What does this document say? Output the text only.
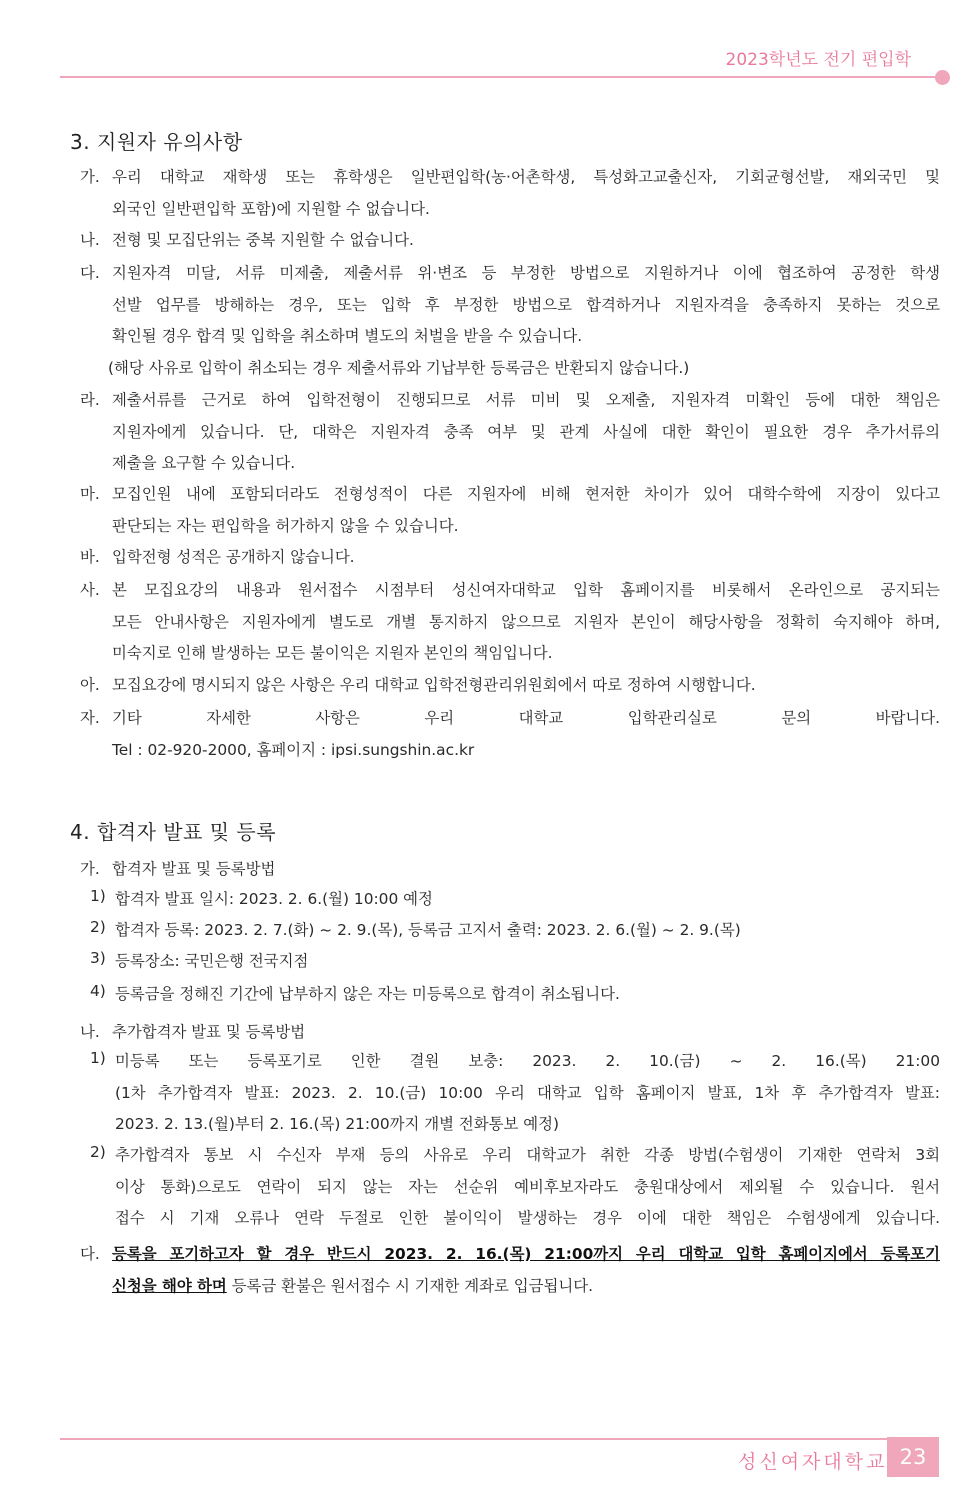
2023학년도 전기 편입학
3. 지원자 유의사항
가. 우리 대학교 재학생 또는 휴학생은 일반편입학(농·어촌학생, 특성화고교출신자, 기회균형선발, 재외국민 및
외국인 일반편입학 포함)에 지원할 수 없습니다.
나. 전형 및 모집단위는 중복 지원할 수 없습니다.
다. 지원자격 미달, 서류 미제출, 제출서류 위·변조 등 부정한 방법으로 지원하거나 이에 협조하여 공정한 학생
선발 업무를 방해하는 경우, 또는 입학 후 부정한 방법으로 합격하거나 지원자격을 충족하지 못하는 것으로
확인될 경우 합격 및 입학을 취소하며 별도의 처벌을 받을 수 있습니다.
(해당 사유로 입학이 취소되는 경우 제출서류와 기납부한 등록금은 반환되지 않습니다.)
라. 제출서류를 근거로 하여 입학전형이 진행되므로 서류 미비 및 오제출, 지원자격 미확인 등에 대한 책임은
지원자에게 있습니다. 단, 대학은 지원자격 충족 여부 및 관계 사실에 대한 확인이 필요한 경우 추가서류의
제출을 요구할 수 있습니다.
마. 모집인원 내에 포함되더라도 전형성적이 다른 지원자에 비해 현저한 차이가 있어 대학수학에 지장이 있다고
판단되는 자는 편입학을 허가하지 않을 수 있습니다.
바. 입학전형 성적은 공개하지 않습니다.
사. 본 모집요강의 내용과 원서접수 시점부터 성신여자대학교 입학 홈페이지를 비롯해서 온라인으로 공지되는
모든 안내사항은 지원자에게 별도로 개별 통지하지 않으므로 지원자 본인이 해당사항을 정확히 숙지해야 하며,
미숙지로 인해 발생하는 모든 불이익은 지원자 본인의 책임입니다.
아. 모집요강에 명시되지 않은 사항은 우리 대학교 입학전형관리위원회에서 따로 정하여 시행합니다.
자. 기타 자세한 사항은 우리 대학교 입학관리실로 문의 바랍니다.
Tel : 02-920-2000, 홈페이지 : ipsi.sungshin.ac.kr
4. 합격자 발표 및 등록
가. 합격자 발표 및 등록방법
1) 합격자 발표 일시: 2023. 2. 6.(월) 10:00 예정
2) 합격자 등록: 2023. 2. 7.(화) ~ 2. 9.(목), 등록금 고지서 출력: 2023. 2. 6.(월) ~ 2. 9.(목)
3) 등록장소: 국민은행 전국지점
4) 등록금을 정해진 기간에 납부하지 않은 자는 미등록으로 합격이 취소됩니다.
나. 추가합격자 발표 및 등록방법
1) 미등록 또는 등록포기로 인한 결원 보충: 2023. 2. 10.(금) ~ 2. 16.(목) 21:00
(1차 추가합격자 발표: 2023. 2. 10.(금) 10:00 우리 대학교 입학 홈페이지 발표, 1차 후 추가합격자 발표:
2023. 2. 13.(월)부터 2. 16.(목) 21:00까지 개별 전화통보 예정)
2) 추가합격자 통보 시 수신자 부재 등의 사유로 우리 대학교가 취한 각종 방법(수험생이 기재한 연락처 3회
이상 통화)으로도 연락이 되지 않는 자는 선순위 예비후보자라도 충원대상에서 제외될 수 있습니다. 원서
접수 시 기재 오류나 연락 두절로 인한 불이익이 발생하는 경우 이에 대한 책임은 수험생에게 있습니다.
다. 등록을 포기하고자 할 경우 반드시 2023. 2. 16.(목) 21:00까지 우리 대학교 입학 홈페이지에서 등록포기
신청을 해야 하며 등록금 환불은 원서접수 시 기재한 계좌로 입금됩니다.
성신여자대학교 23
